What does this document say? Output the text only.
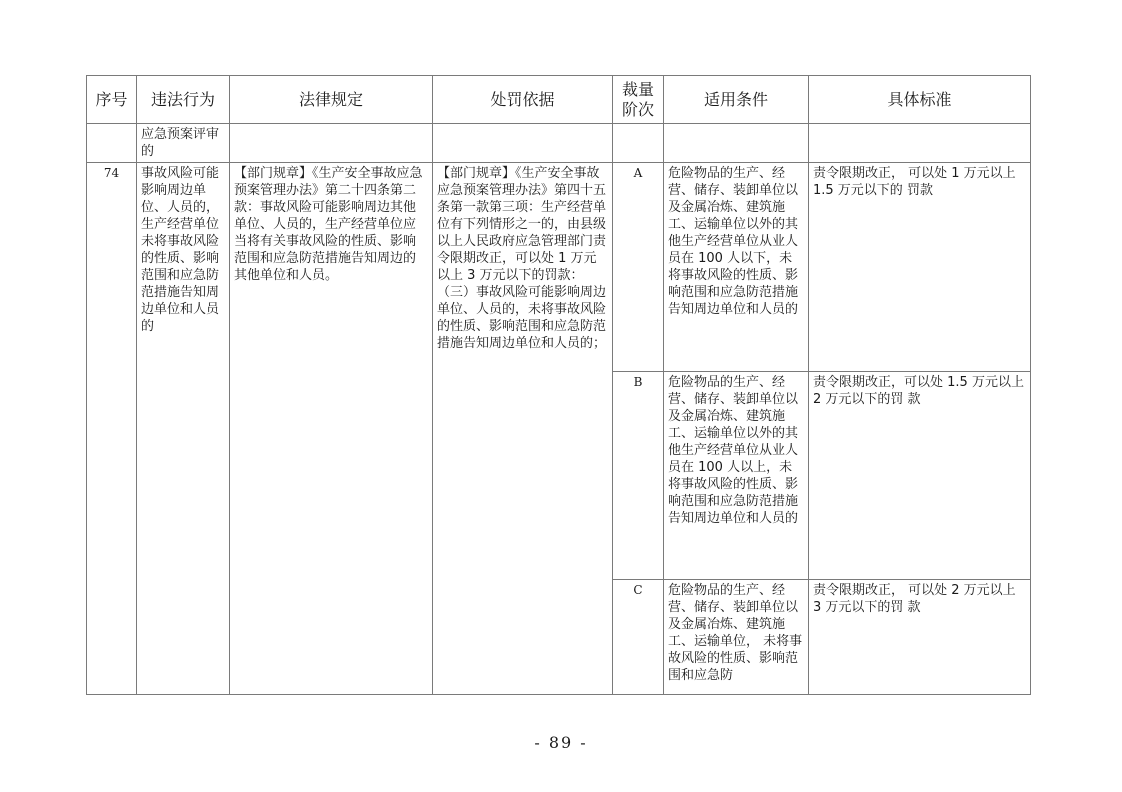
序号	违法行为	法律规定	处罚依据	裁量阶次	适用条件	具体标准
	应急预案评审的					
74	事故风险可能影响周边单位、人员的，生产经营单位未将事故风险的性质、影响范围和应急防范措施告知周边单位和人员的	【部门规章】《生产安全事故应急预案管理办法》第二十四条第二款：事故风险可能影响周边其他单位、人员的，生产经营单位应当将有关事故风险的性质、影响范围和应急防范措施告知周边的其他单位和人员。	【部门规章】《生产安全事故应急预案管理办法》第四十五条第一款第三项：生产经营单位有下列情形之一的，由县级以上人民政府应急管理部门责令限期改正，可以处 1 万元以上 3 万元以下的罚款：（三）事故风险可能影响周边单位、人员的，未将事故风险的性质、影响范围和应急防范措施告知周边单位和人员的；	A	危险物品的生产、经营、储存、装卸单位以及金属冶炼、建筑施工、运输单位以外的其他生产经营单位从业人员在 100 人以下，未将事故风险的性质、影响范围和应急防范措施告知周边单位和人员的	责令限期改正， 可以处 1 万元以上 1.5 万元以下的 罚款
				B	危险物品的生产、经营、储存、装卸单位以及金属冶炼、建筑施工、运输单位以外的其他生产经营单位从业人员在 100 人以上，未将事故风险的性质、影响范围和应急防范措施告知周边单位和人员的	责令限期改正，可以处 1.5 万元以上 2 万元以下的罚 款
				C	危险物品的生产、经营、储存、装卸单位以及金属冶炼、建筑施工、运输单位， 未将事故风险的性质、影响范围和应急防	责令限期改正， 可以处 2 万元以上 3 万元以下的罚 款
- 89 -
